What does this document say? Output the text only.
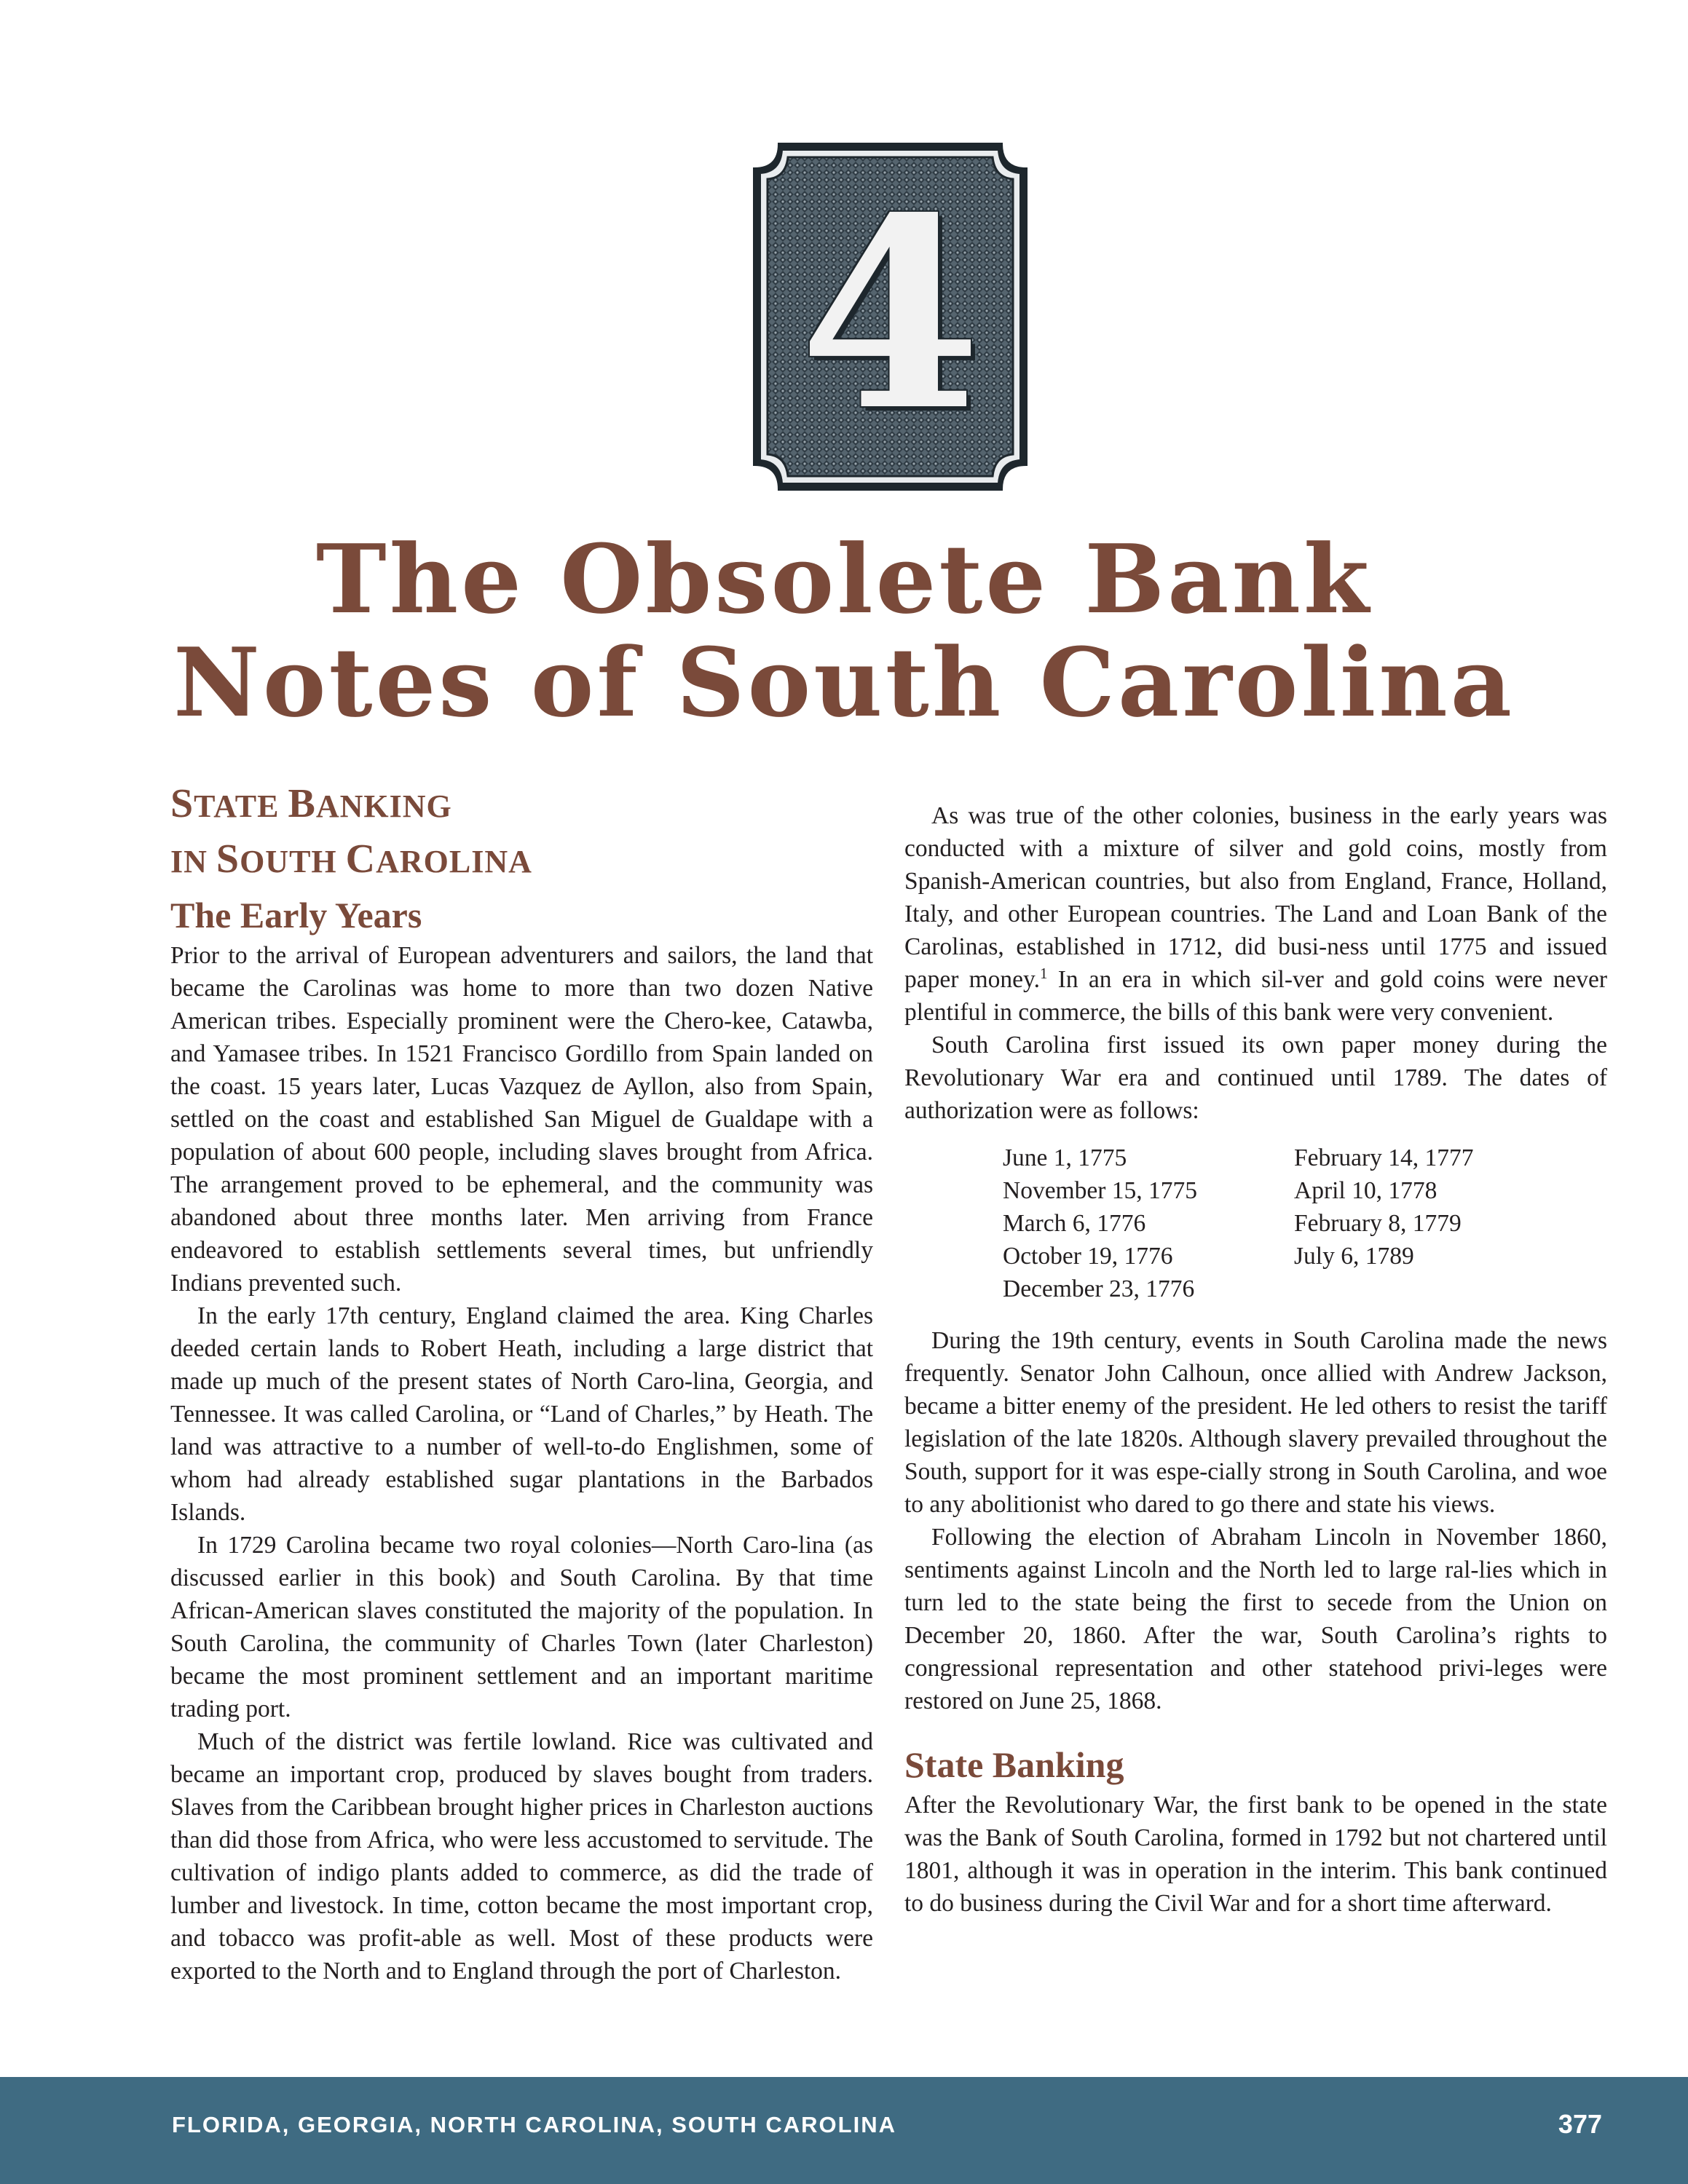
4
The Obsolete Bank
Notes of South Carolina
STATE BANKING
IN SOUTH CAROLINA
The Early Years

Prior to the arrival of European adventurers and sailors, the land that became the Carolinas was home to more than two dozen Native American tribes. Especially prominent were the Chero-kee, Catawba, and Yamasee tribes. In 1521 Francisco Gordillo from Spain landed on the coast. 15 years later, Lucas Vazquez de Ayllon, also from Spain, settled on the coast and established San Miguel de Gualdape with a population of about 600 people, including slaves brought from Africa. The arrangement proved to be ephemeral, and the community was abandoned about three months later. Men arriving from France endeavored to establish settlements several times, but unfriendly Indians prevented such.

In the early 17th century, England claimed the area. King Charles deeded certain lands to Robert Heath, including a large district that made up much of the present states of North Caro-lina, Georgia, and Tennessee. It was called Carolina, or “Land of Charles,” by Heath. The land was attractive to a number of well-to-do Englishmen, some of whom had already established sugar plantations in the Barbados Islands.

In 1729 Carolina became two royal colonies—North Caro-lina (as discussed earlier in this book) and South Carolina. By that time African-American slaves constituted the majority of the population. In South Carolina, the community of Charles Town (later Charleston) became the most prominent settlement and an important maritime trading port.

Much of the district was fertile lowland. Rice was cultivated and became an important crop, produced by slaves bought from traders. Slaves from the Caribbean brought higher prices in Charleston auctions than did those from Africa, who were less accustomed to servitude. The cultivation of indigo plants added to commerce, as did the trade of lumber and livestock. In time, cotton became the most important crop, and tobacco was profit-able as well. Most of these products were exported to the North and to England through the port of Charleston.

As was true of the other colonies, business in the early years was conducted with a mixture of silver and gold coins, mostly from Spanish-American countries, but also from England, France, Holland, Italy, and other European countries. The Land and Loan Bank of the Carolinas, established in 1712, did busi-ness until 1775 and issued paper money.$^1$ In an era in which sil-ver and gold coins were never plentiful in commerce, the bills of this bank were very convenient.

South Carolina first issued its own paper money during the Revolutionary War era and continued until 1789. The dates of authorization were as follows:

June 1, 1775	February 14, 1777
November 15, 1775	April 10, 1778
March 6, 1776	February 8, 1779
October 19, 1776	July 6, 1789
December 23, 1776

During the 19th century, events in South Carolina made the news frequently. Senator John Calhoun, once allied with Andrew Jackson, became a bitter enemy of the president. He led others to resist the tariff legislation of the late 1820s. Although slavery prevailed throughout the South, support for it was espe-cially strong in South Carolina, and woe to any abolitionist who dared to go there and state his views.

Following the election of Abraham Lincoln in November 1860, sentiments against Lincoln and the North led to large ral-lies which in turn led to the state being the first to secede from the Union on December 20, 1860. After the war, South Carolina’s rights to congressional representation and other statehood privi-leges were restored on June 25, 1868.

State Banking

After the Revolutionary War, the first bank to be opened in the state was the Bank of South Carolina, formed in 1792 but not chartered until 1801, although it was in operation in the interim. This bank continued to do business during the Civil War and for a short time afterward.

FLORIDA, GEORGIA, NORTH CAROLINA, SOUTH CAROLINA	377
